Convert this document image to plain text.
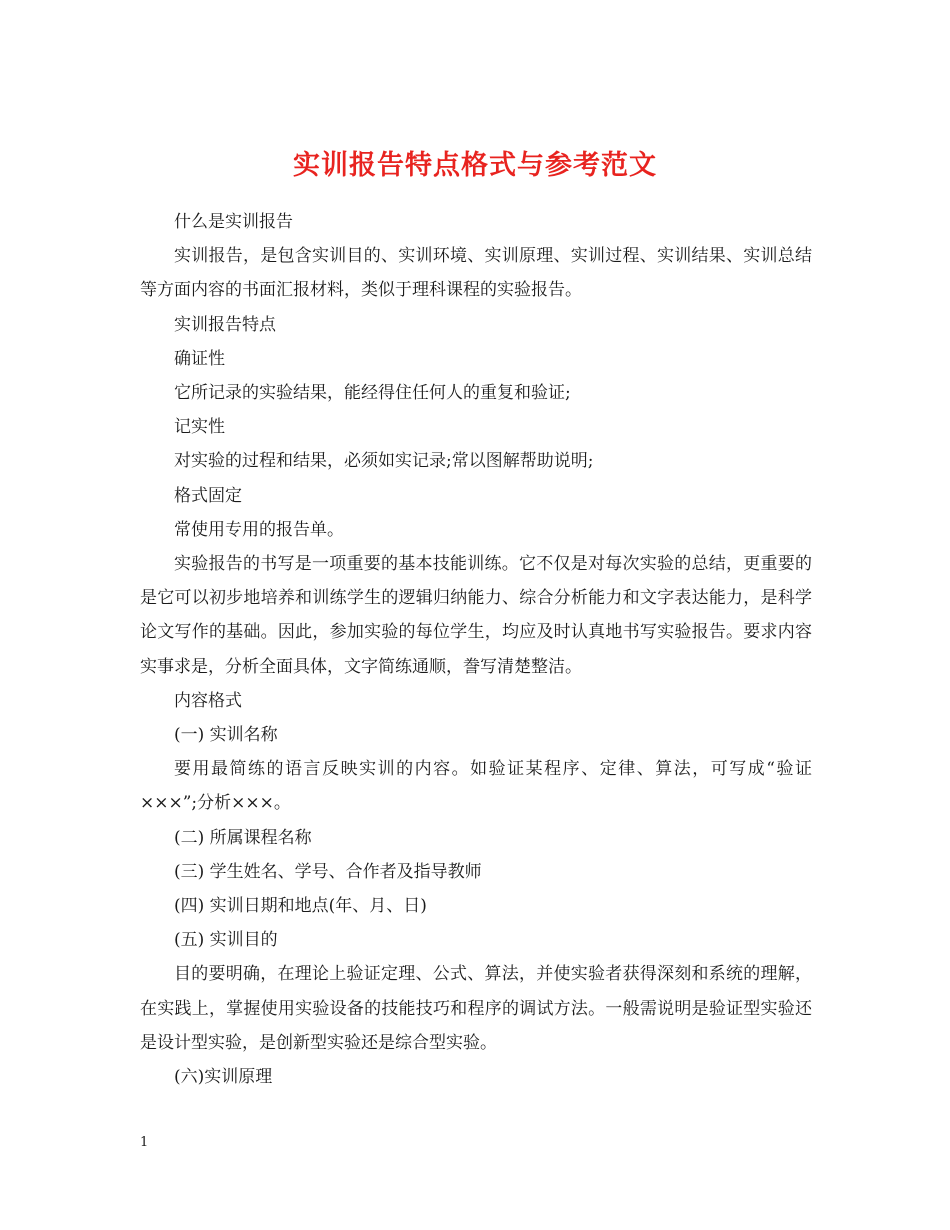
实训报告特点格式与参考范文

什么是实训报告

实训报告，是包含实训目的、实训环境、实训原理、实训过程、实训结果、实训总结等方面内容的书面汇报材料，类似于理科课程的实验报告。

实训报告特点

确证性

它所记录的实验结果，能经得住任何人的重复和验证;

记实性

对实验的过程和结果，必须如实记录;常以图解帮助说明;

格式固定

常使用专用的报告单。

实验报告的书写是一项重要的基本技能训练。它不仅是对每次实验的总结，更重要的是它可以初步地培养和训练学生的逻辑归纳能力、综合分析能力和文字表达能力，是科学论文写作的基础。因此，参加实验的每位学生，均应及时认真地书写实验报告。要求内容实事求是，分析全面具体，文字简练通顺，誊写清楚整洁。

内容格式

(一) 实训名称

要用最简练的语言反映实训的内容。如验证某程序、定律、算法，可写成“验证×××”;分析×××。

(二) 所属课程名称

(三) 学生姓名、学号、合作者及指导教师

(四) 实训日期和地点(年、月、日)

(五) 实训目的

目的要明确，在理论上验证定理、公式、算法，并使实验者获得深刻和系统的理解，在实践上，掌握使用实验设备的技能技巧和程序的调试方法。一般需说明是验证型实验还是设计型实验，是创新型实验还是综合型实验。

(六)实训原理

1
